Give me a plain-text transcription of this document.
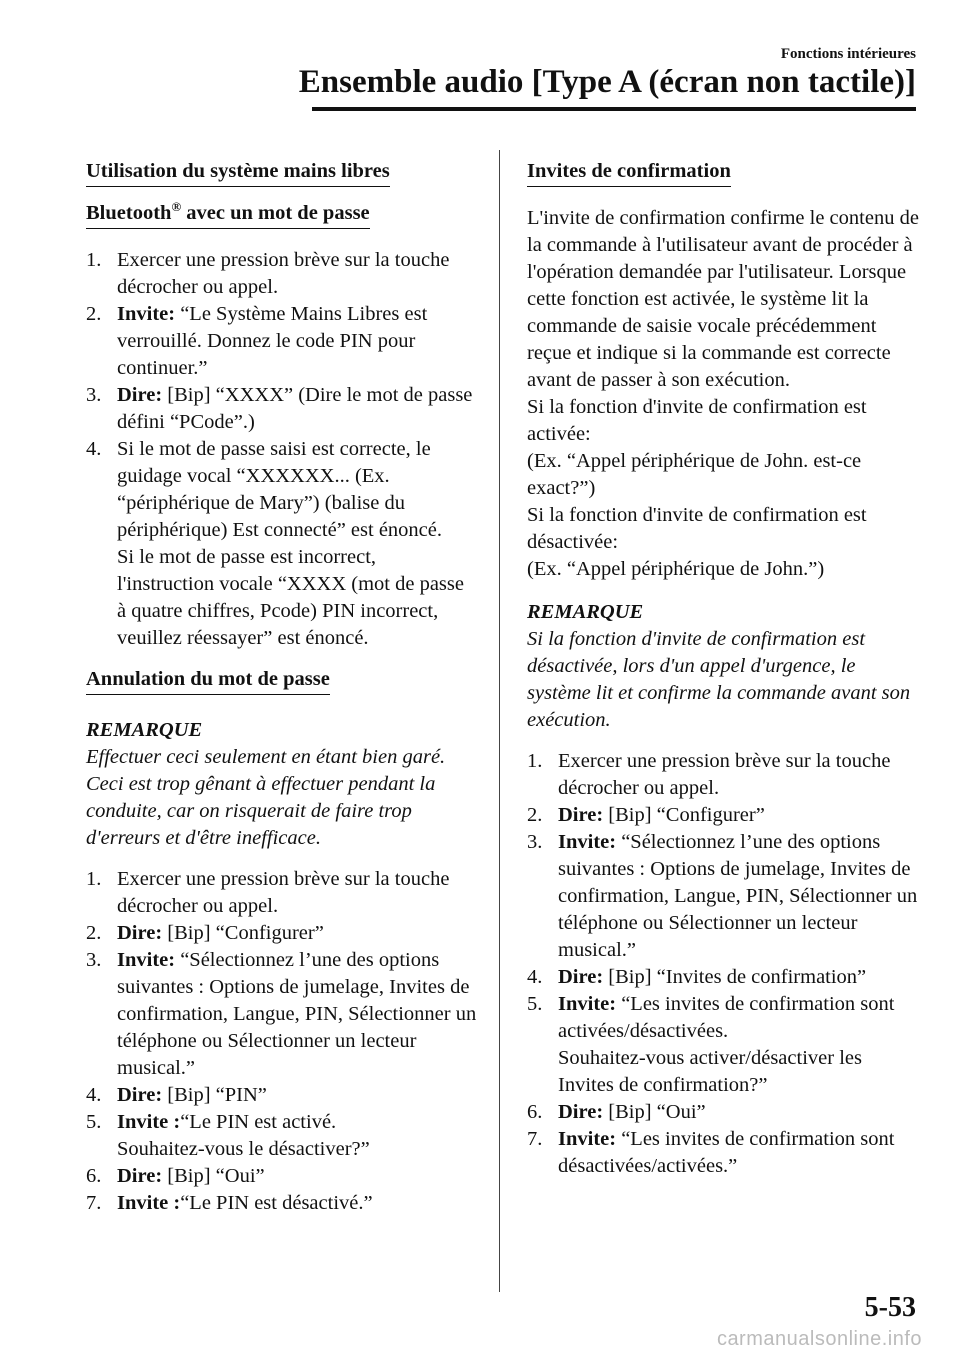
Fonctions intérieures
Ensemble audio [Type A (écran non tactile)]
Utilisation du système mains libres
Bluetooth® avec un mot de passe
1. Exercer une pression brève sur la touche décrocher ou appel.
2. Invite: “Le Système Mains Libres est verrouillé. Donnez le code PIN pour continuer.”
3. Dire: [Bip] “XXXX” (Dire le mot de passe défini “PCode”.)
4. Si le mot de passe saisi est correcte, le guidage vocal “XXXXXX... (Ex. “périphérique de Mary”) (balise du périphérique) Est connecté” est énoncé.
Si le mot de passe est incorrect, l'instruction vocale “XXXX (mot de passe à quatre chiffres, Pcode) PIN incorrect, veuillez réessayer” est énoncé.
Annulation du mot de passe
REMARQUE
Effectuer ceci seulement en étant bien garé. Ceci est trop gênant à effectuer pendant la conduite, car on risquerait de faire trop d'erreurs et d'être inefficace.
1. Exercer une pression brève sur la touche décrocher ou appel.
2. Dire: [Bip] “Configurer”
3. Invite: “Sélectionnez l’une des options suivantes : Options de jumelage, Invites de confirmation, Langue, PIN, Sélectionner un téléphone ou Sélectionner un lecteur musical.”
4. Dire: [Bip] “PIN”
5. Invite :“Le PIN est activé.
Souhaitez-vous le désactiver?”
6. Dire: [Bip] “Oui”
7. Invite :“Le PIN est désactivé.”
Invites de confirmation

L'invite de confirmation confirme le contenu de la commande à l'utilisateur avant de procéder à l'opération demandée par l'utilisateur. Lorsque cette fonction est activée, le système lit la commande de saisie vocale précédemment reçue et indique si la commande est correcte avant de passer à son exécution.

Si la fonction d'invite de confirmation est activée:

(Ex. “Appel périphérique de John. est-ce exact?”)

Si la fonction d'invite de confirmation est désactivée:

(Ex. “Appel périphérique de John.”)

REMARQUE
Si la fonction d'invite de confirmation est désactivée, lors d'un appel d'urgence, le système lit et confirme la commande avant son exécution.
1. Exercer une pression brève sur la touche décrocher ou appel.
2. Dire: [Bip] “Configurer”
3. Invite: “Sélectionnez l’une des options suivantes : Options de jumelage, Invites de confirmation, Langue, PIN, Sélectionner un téléphone ou Sélectionner un lecteur musical.”
4. Dire: [Bip] “Invites de confirmation”
5. Invite: “Les invites de confirmation sont activées/désactivées.
Souhaitez-vous activer/désactiver les Invites de confirmation?”
6. Dire: [Bip] “Oui”
7. Invite: “Les invites de confirmation sont désactivées/activées.”
5-53
carmanualsonline.info
